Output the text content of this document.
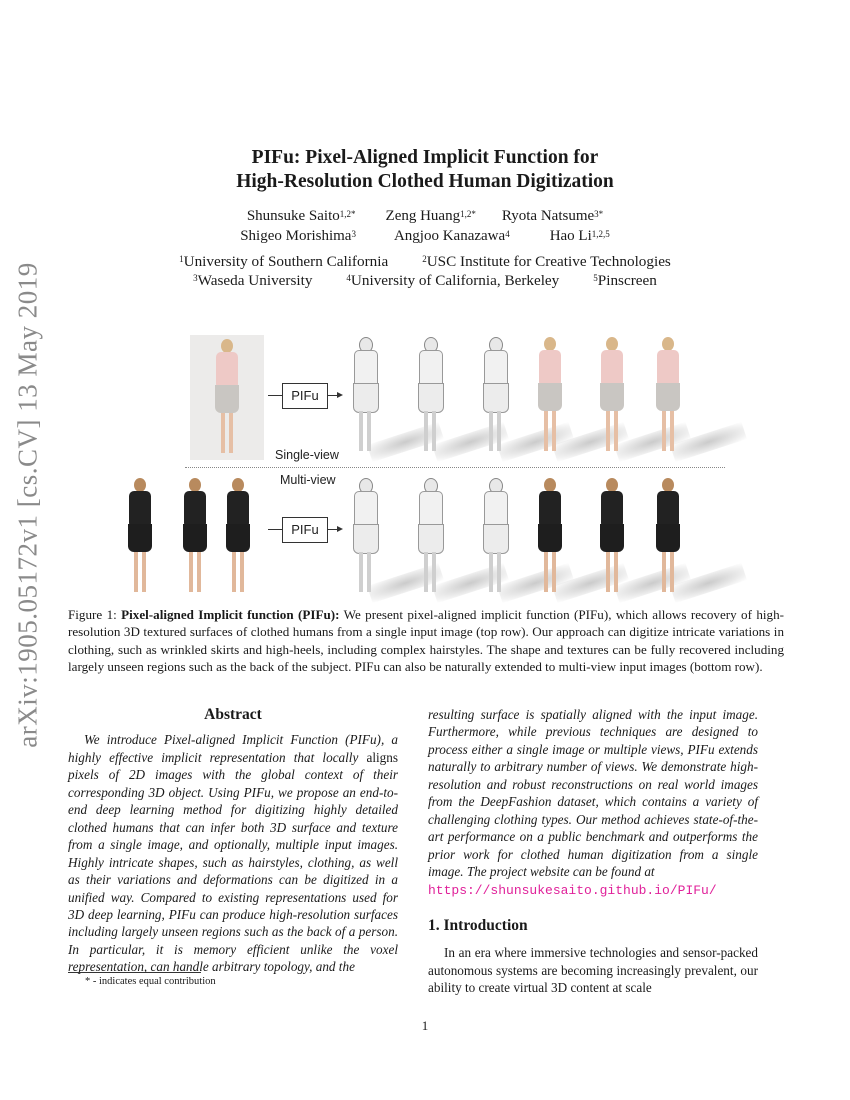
arXiv:1905.05172v1 [cs.CV] 13 May 2019
PIFu: Pixel-Aligned Implicit Function for
High-Resolution Clothed Human Digitization
Shunsuke Saito$^{1,2*}$ Zeng Huang$^{1,2*}$ Ryota Natsume$^{3*}$
Shigeo Morishima$^3$	Angjoo Kanazawa$^4$	Hao Li$^{1,2,5}$
$^1$University of Southern California	$^2$USC Institute for Creative Technologies
$^3$Waseda University	$^4$University of California, Berkeley	$^5$Pinscreen
PIFu
Single-view
Multi-view
PIFu
Figure 1: Pixel-aligned Implicit function (PIFu): We present pixel-aligned implicit function (PIFu), which allows recovery of high-resolution 3D textured surfaces of clothed humans from a single input image (top row). Our approach can digitize intricate variations in clothing, such as wrinkled skirts and high-heels, including complex hairstyles. The shape and textures can be fully recovered including largely unseen regions such as the back of the subject. PIFu can also be naturally extended to multi-view input images (bottom row).
Abstract
We introduce Pixel-aligned Implicit Function (PIFu), a highly effective implicit representation that locally aligns pixels of 2D images with the global context of their corresponding 3D object. Using PIFu, we propose an end-to-end deep learning method for digitizing highly detailed clothed humans that can infer both 3D surface and texture from a single image, and optionally, multiple input images. Highly intricate shapes, such as hairstyles, clothing, as well as their variations and deformations can be digitized in a unified way. Compared to existing representations used for 3D deep learning, PIFu can produce high-resolution surfaces including largely unseen regions such as the back of a person. In particular, it is memory efficient unlike the voxel representation, can handle arbitrary topology, and the
resulting surface is spatially aligned with the input image. Furthermore, while previous techniques are designed to process either a single image or multiple views, PIFu extends naturally to arbitrary number of views. We demonstrate high-resolution and robust reconstructions on real world images from the DeepFashion dataset, which contains a variety of challenging clothing types. Our method achieves state-of-the-art performance on a public benchmark and outperforms the prior work for clothed human digitization from a single image. The project website can be found at
https://shunsukesaito.github.io/PIFu/
1. Introduction
In an era where immersive technologies and sensor-packed autonomous systems are becoming increasingly prevalent, our ability to create virtual 3D content at scale
* - indicates equal contribution
1
